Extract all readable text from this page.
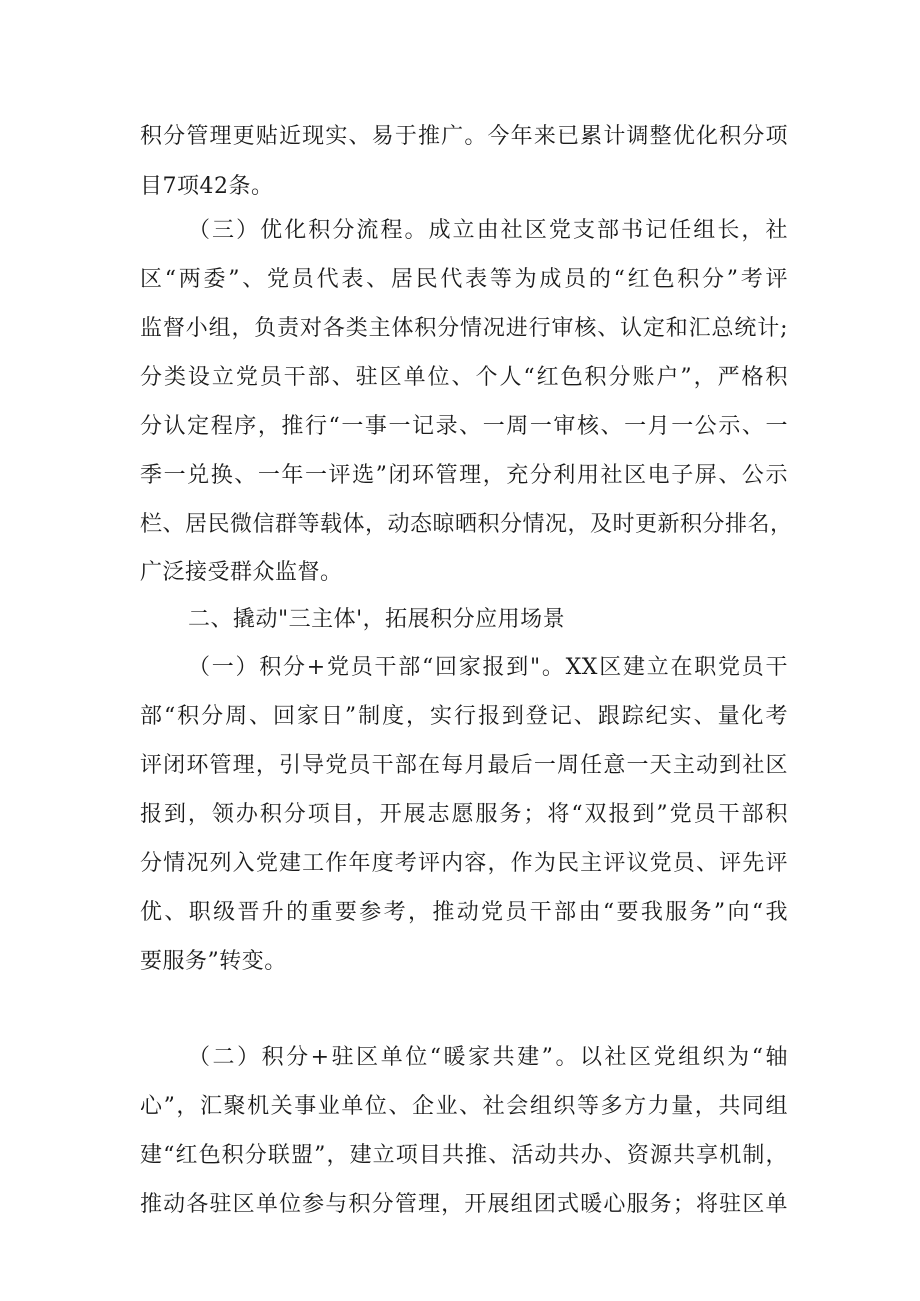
积分管理更贴近现实、易于推广。今年来已累计调整优化积分项
目7项42条。
（三）优化积分流程。成立由社区党支部书记任组长，社
区“两委”、党员代表、居民代表等为成员的“红色积分”考评
监督小组，负责对各类主体积分情况进行审核、认定和汇总统计;
分类设立党员干部、驻区单位、个人“红色积分账户”，严格积
分认定程序，推行“一事一记录、一周一审核、一月一公示、一
季一兑换、一年一评选”闭环管理，充分利用社区电子屏、公示
栏、居民微信群等载体，动态晾晒积分情况，及时更新积分排名，
广泛接受群众监督。
二、撬动"三主体'，拓展积分应用场景
（一）积分+党员干部“回家报到"。XX区建立在职党员干
部“积分周、回家日”制度，实行报到登记、跟踪纪实、量化考
评闭环管理，引导党员干部在每月最后一周任意一天主动到社区
报到，领办积分项目，开展志愿服务；将“双报到”党员干部积
分情况列入党建工作年度考评内容，作为民主评议党员、评先评
优、职级晋升的重要参考，推动党员干部由“要我服务”向“我
要服务”转变。
（二）积分+驻区单位“暖家共建”。以社区党组织为“轴
心”，汇聚机关事业单位、企业、社会组织等多方力量，共同组
建“红色积分联盟”，建立项目共推、活动共办、资源共享机制，
推动各驻区单位参与积分管理，开展组团式暖心服务；将驻区单
